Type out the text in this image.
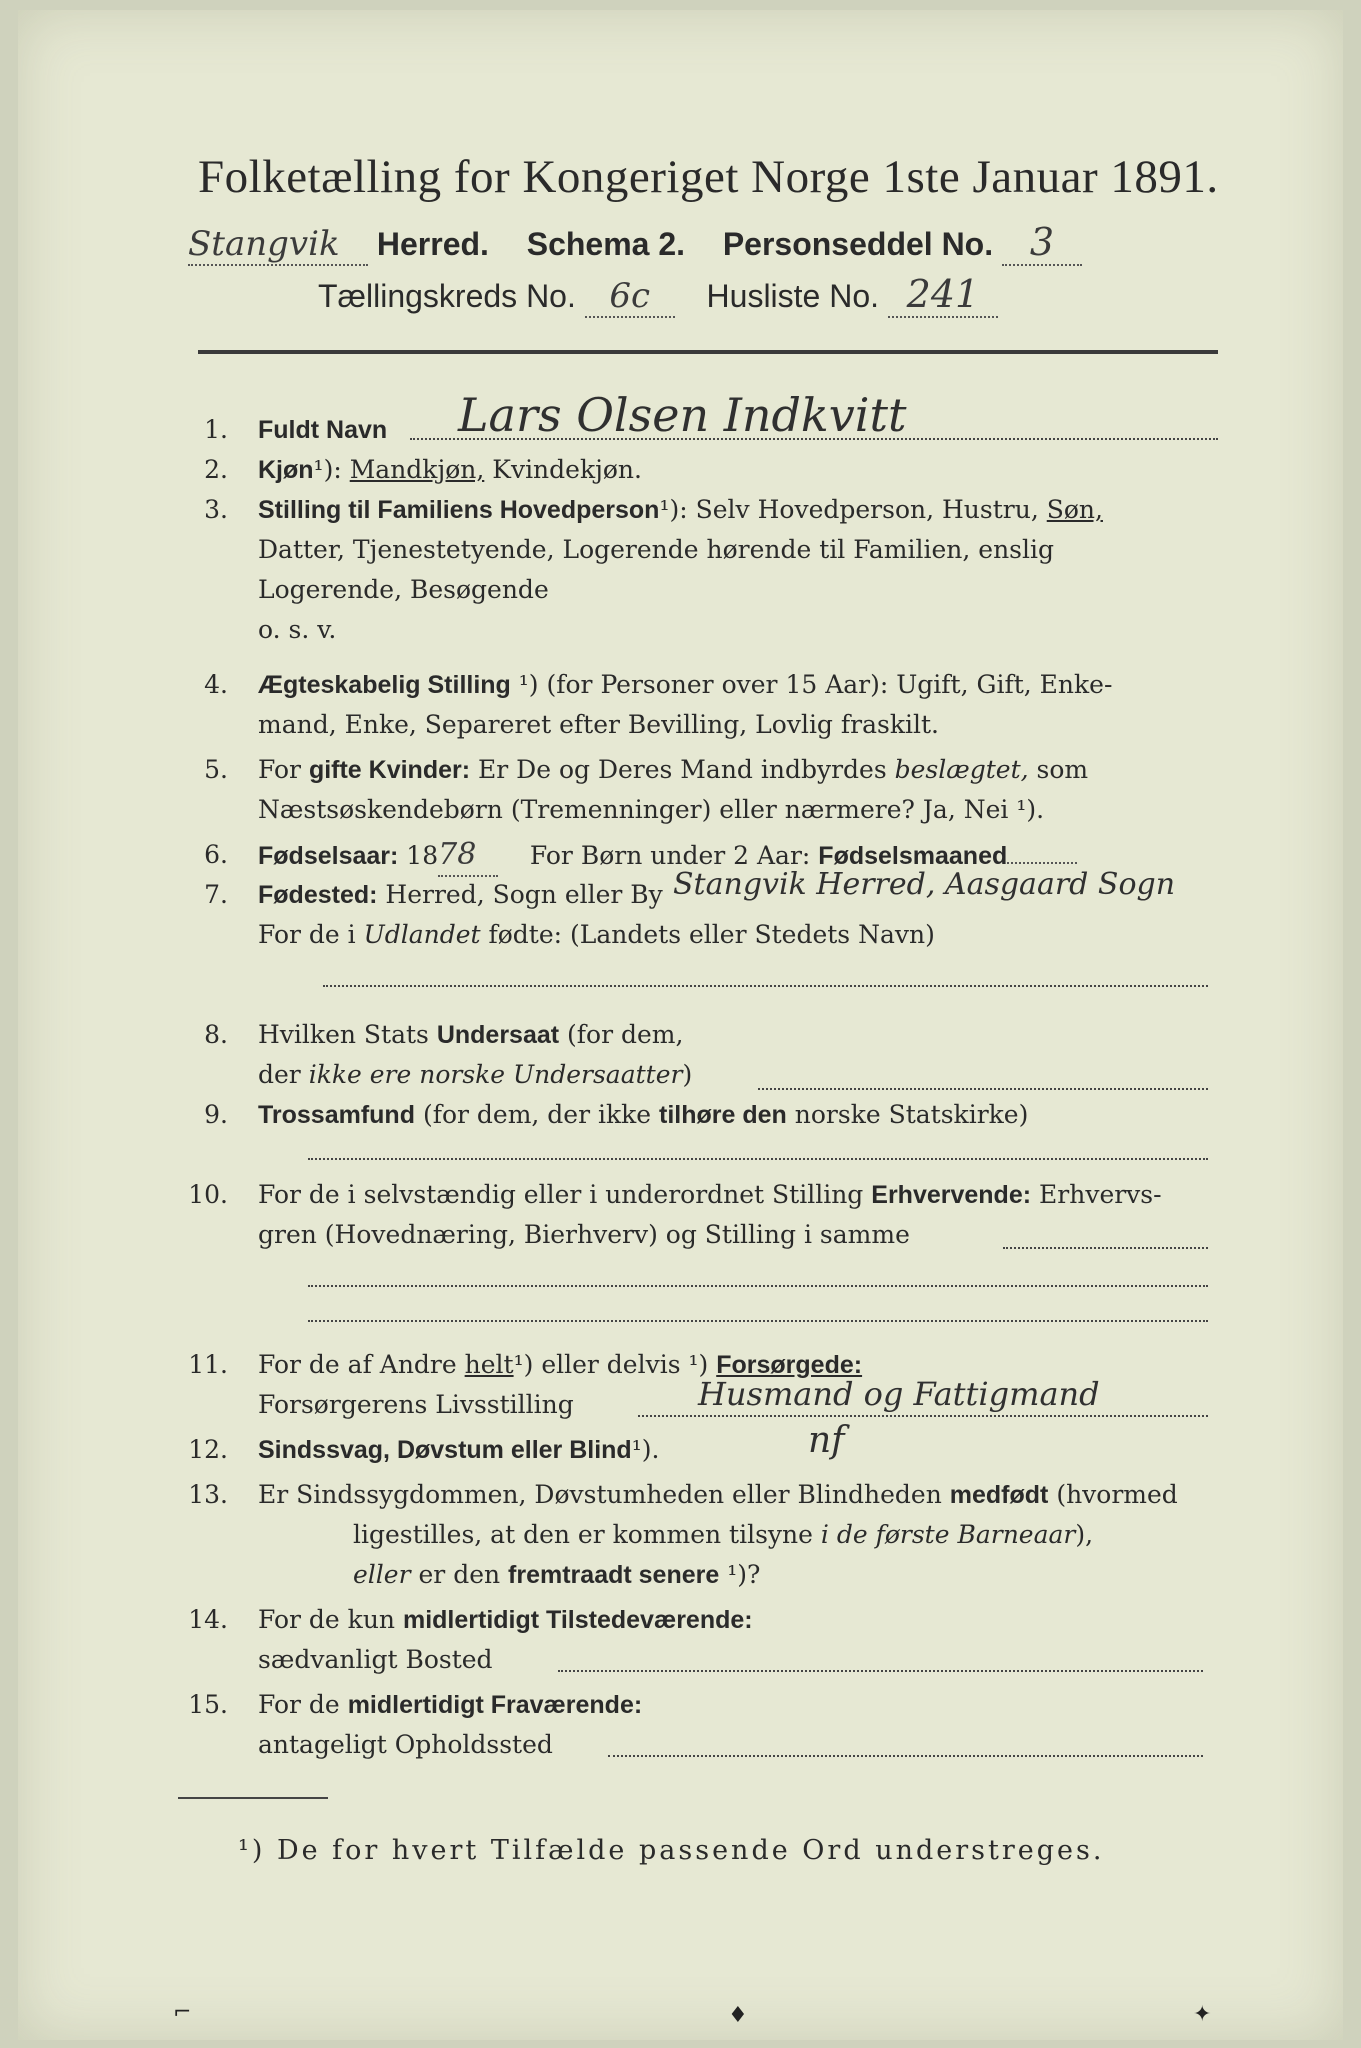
Folketælling for Kongeriget Norge 1ste Januar 1891.
Stangvik Herred. Schema 2. Personseddel No. 3
Tællingskreds No. 6c Husliste No. 241
1. Fuldt Navn Lars Olsen Indkvitt
2. Kjøn¹): Mandkjøn, Kvindekjøn.
3. Stilling til Familiens Hovedperson¹): Selv Hovedperson, Hustru, Søn,
Datter, Tjenestetyende, Logerende hørende til Familien, enslig
Logerende, Besøgende
o. s. v.
4. Ægteskabelig Stilling ¹) (for Personer over 15 Aar): Ugift, Gift, Enke-
mand, Enke, Separeret efter Bevilling, Lovlig fraskilt.
5. For gifte Kvinder: Er De og Deres Mand indbyrdes beslægtet, som
Næstsøskendebørn (Tremenninger) eller nærmere? Ja, Nei ¹).
6. Fødselsaar: 1878 For Børn under 2 Aar: Fødselsmaaned
7. Fødested: Herred, Sogn eller By Stangvik Herred, Aasgaard Sogn
For de i Udlandet fødte: (Landets eller Stedets Navn)
8. Hvilken Stats Undersaat (for dem,
der ikke ere norske Undersaatter)
9. Trossamfund (for dem, der ikke tilhøre den norske Statskirke)
10. For de i selvstændig eller i underordnet Stilling Erhvervende: Erhvervs-
gren (Hovednæring, Bierhverv) og Stilling i samme
11. For de af Andre helt¹) eller delvis ¹) Forsørgede:
Forsørgerens Livsstilling	Husmand og Fattigmand
12. Sindssvag, Døvstum eller Blind¹).	nf
13. Er Sindssygdommen, Døvstumheden eller Blindheden medfødt (hvormed
ligestilles, at den er kommen tilsyne i de første Barneaar),
eller er den fremtraadt senere ¹)?
14. For de kun midlertidigt Tilstedeværende:
sædvanligt Bosted
15. For de midlertidigt Fraværende:
antageligt Opholdssted
¹) De for hvert Tilfælde passende Ord understreges.
⌐	♦	✦
